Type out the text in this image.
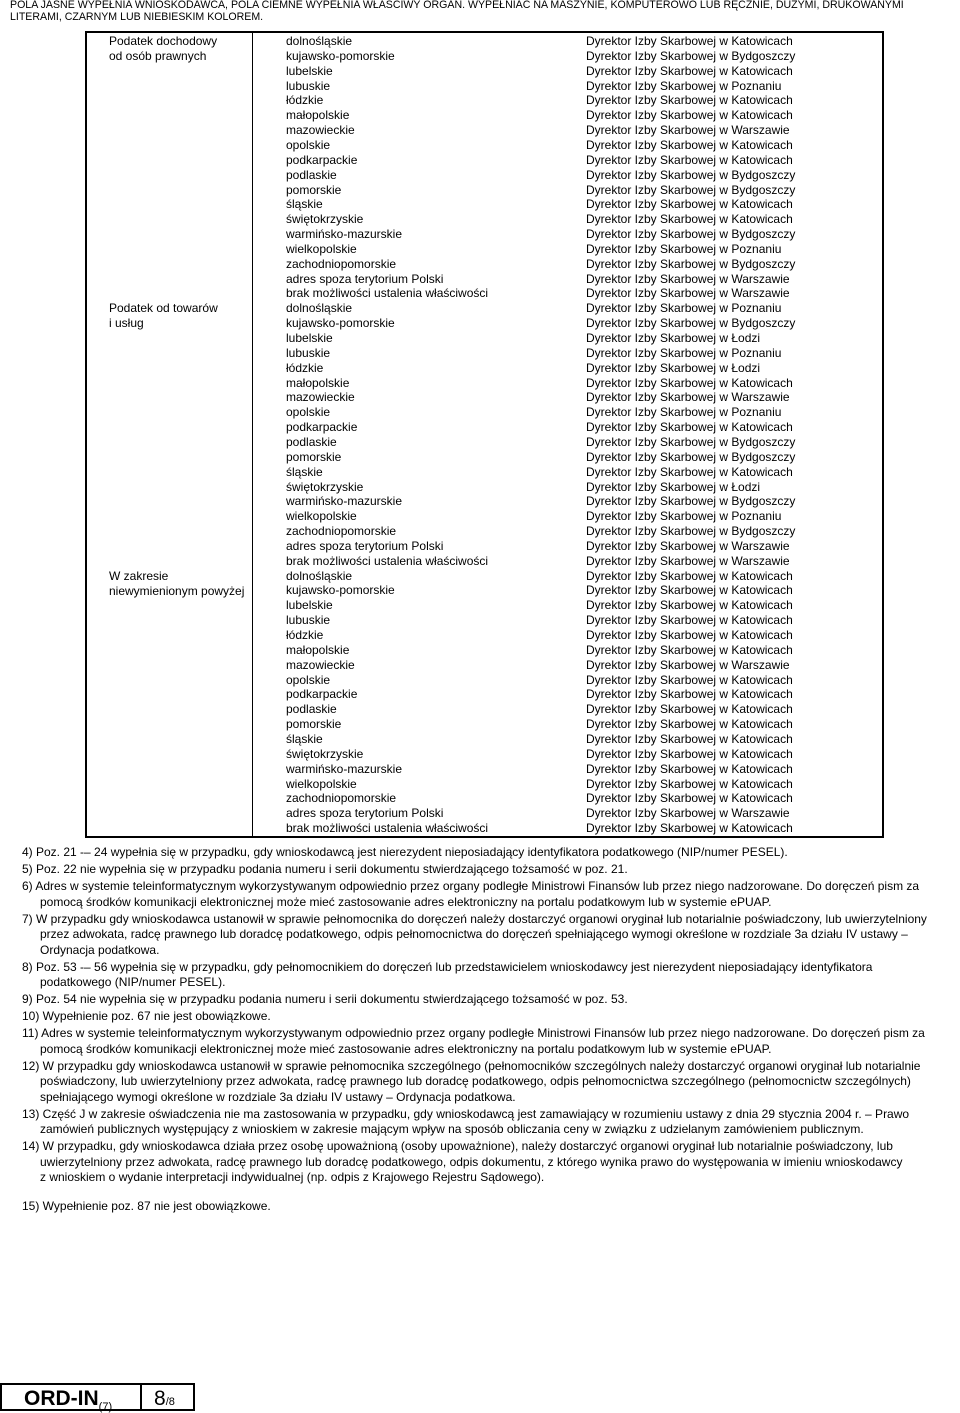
POLA JASNE WYPEŁNIA WNIOSKODAWCA, POLA CIEMNE WYPEŁNIA WŁAŚCIWY ORGAN. WYPEŁNIAĆ NA MASZYNIE, KOMPUTEROWO LUB RĘCZNIE, DUŻYMI, DRUKOWANYMI
LITERAMI, CZARNYM LUB NIEBIESKIM KOLOREM.
Podatek dochodowy
od osób prawnych
dolnośląskie	Dyrektor Izby Skarbowej w Katowicach
kujawsko-pomorskie	Dyrektor Izby Skarbowej w Bydgoszczy
lubelskie	Dyrektor Izby Skarbowej w Katowicach
lubuskie	Dyrektor Izby Skarbowej w Poznaniu
łódzkie	Dyrektor Izby Skarbowej w Katowicach
małopolskie	Dyrektor Izby Skarbowej w Katowicach
mazowieckie	Dyrektor Izby Skarbowej w Warszawie
opolskie	Dyrektor Izby Skarbowej w Katowicach
podkarpackie	Dyrektor Izby Skarbowej w Katowicach
podlaskie	Dyrektor Izby Skarbowej w Bydgoszczy
pomorskie	Dyrektor Izby Skarbowej w Bydgoszczy
śląskie	Dyrektor Izby Skarbowej w Katowicach
świętokrzyskie	Dyrektor Izby Skarbowej w Katowicach
warmińsko-mazurskie	Dyrektor Izby Skarbowej w Bydgoszczy
wielkopolskie	Dyrektor Izby Skarbowej w Poznaniu
zachodniopomorskie	Dyrektor Izby Skarbowej w Bydgoszczy
adres spoza terytorium Polski	Dyrektor Izby Skarbowej w Warszawie
brak możliwości ustalenia właściwości	Dyrektor Izby Skarbowej w Warszawie
Podatek od towarów
i usług
dolnośląskie	Dyrektor Izby Skarbowej w Poznaniu
kujawsko-pomorskie	Dyrektor Izby Skarbowej w Bydgoszczy
lubelskie	Dyrektor Izby Skarbowej w Łodzi
lubuskie	Dyrektor Izby Skarbowej w Poznaniu
łódzkie	Dyrektor Izby Skarbowej w Łodzi
małopolskie	Dyrektor Izby Skarbowej w Katowicach
mazowieckie	Dyrektor Izby Skarbowej w Warszawie
opolskie	Dyrektor Izby Skarbowej w Poznaniu
podkarpackie	Dyrektor Izby Skarbowej w Katowicach
podlaskie	Dyrektor Izby Skarbowej w Bydgoszczy
pomorskie	Dyrektor Izby Skarbowej w Bydgoszczy
śląskie	Dyrektor Izby Skarbowej w Katowicach
świętokrzyskie	Dyrektor Izby Skarbowej w Łodzi
warmińsko-mazurskie	Dyrektor Izby Skarbowej w Bydgoszczy
wielkopolskie	Dyrektor Izby Skarbowej w Poznaniu
zachodniopomorskie	Dyrektor Izby Skarbowej w Bydgoszczy
adres spoza terytorium Polski	Dyrektor Izby Skarbowej w Warszawie
brak możliwości ustalenia właściwości	Dyrektor Izby Skarbowej w Warszawie
W zakresie
niewymienionym powyżej
dolnośląskie	Dyrektor Izby Skarbowej w Katowicach
kujawsko-pomorskie	Dyrektor Izby Skarbowej w Katowicach
lubelskie	Dyrektor Izby Skarbowej w Katowicach
lubuskie	Dyrektor Izby Skarbowej w Katowicach
łódzkie	Dyrektor Izby Skarbowej w Katowicach
małopolskie	Dyrektor Izby Skarbowej w Katowicach
mazowieckie	Dyrektor Izby Skarbowej w Warszawie
opolskie	Dyrektor Izby Skarbowej w Katowicach
podkarpackie	Dyrektor Izby Skarbowej w Katowicach
podlaskie	Dyrektor Izby Skarbowej w Katowicach
pomorskie	Dyrektor Izby Skarbowej w Katowicach
śląskie	Dyrektor Izby Skarbowej w Katowicach
świętokrzyskie	Dyrektor Izby Skarbowej w Katowicach
warmińsko-mazurskie	Dyrektor Izby Skarbowej w Katowicach
wielkopolskie	Dyrektor Izby Skarbowej w Katowicach
zachodniopomorskie	Dyrektor Izby Skarbowej w Katowicach
adres spoza terytorium Polski	Dyrektor Izby Skarbowej w Warszawie
brak możliwości ustalenia właściwości	Dyrektor Izby Skarbowej w Katowicach

4) Poz. 21 -– 24 wypełnia się w przypadku, gdy wnioskodawcą jest nierezydent nieposiadający identyfikatora podatkowego (NIP/numer PESEL).

5) Poz. 22 nie wypełnia się w przypadku podania numeru i serii dokumentu stwierdzającego tożsamość w poz. 21.

6) Adres w systemie teleinformatycznym wykorzystywanym odpowiednio przez organy podległe Ministrowi Finansów lub przez niego nadzorowane. Do doręczeń pism za

pomocą środków komunikacji elektronicznej może mieć zastosowanie adres elektroniczny na portalu podatkowym lub w systemie ePUAP.

7) W przypadku gdy wnioskodawca ustanowił w sprawie pełnomocnika do doręczeń należy dostarczyć organowi oryginał lub notarialnie poświadczony, lub uwierzytelniony

przez adwokata, radcę prawnego lub doradcę podatkowego, odpis pełnomocnictwa do doręczeń spełniającego wymogi określone w rozdziale 3a działu IV ustawy –

Ordynacja podatkowa.

8) Poz. 53 -– 56 wypełnia się w przypadku, gdy pełnomocnikiem do doręczeń lub przedstawicielem wnioskodawcy jest nierezydent nieposiadający identyfikatora

podatkowego (NIP/numer PESEL).

9) Poz. 54 nie wypełnia się w przypadku podania numeru i serii dokumentu stwierdzającego tożsamość w poz. 53.

10) Wypełnienie poz. 67 nie jest obowiązkowe.

11) Adres w systemie teleinformatycznym wykorzystywanym odpowiednio przez organy podległe Ministrowi Finansów lub przez niego nadzorowane. Do doręczeń pism za

pomocą środków komunikacji elektronicznej może mieć zastosowanie adres elektroniczny na portalu podatkowym lub w systemie ePUAP.

12) W przypadku gdy wnioskodawca ustanowił w sprawie pełnomocnika szczególnego (pełnomocników szczególnych należy dostarczyć organowi oryginał lub notarialnie

poświadczony, lub uwierzytelniony przez adwokata, radcę prawnego lub doradcę podatkowego, odpis pełnomocnictwa szczególnego (pełnomocnictw szczególnych)

spełniającego wymogi określone w rozdziale 3a działu IV ustawy – Ordynacja podatkowa.

13) Część J w zakresie oświadczenia nie ma zastosowania w przypadku, gdy wnioskodawcą jest zamawiający w rozumieniu ustawy z dnia 29 stycznia 2004 r. – Prawo

zamówień publicznych występujący z wnioskiem w zakresie mającym wpływ na sposób obliczania ceny w związku z udzielanym zamówieniem publicznym.

14) W przypadku, gdy wnioskodawca działa przez osobę upoważnioną (osoby upoważnione), należy dostarczyć organowi oryginał lub notarialnie poświadczony, lub

uwierzytelniony przez adwokata, radcę prawnego lub doradcę podatkowego, odpis dokumentu, z którego wynika prawo do występowania w imieniu wnioskodawcy

z wnioskiem o wydanie interpretacji indywidualnej (np. odpis z Krajowego Rejestru Sądowego).

15) Wypełnienie poz. 87 nie jest obowiązkowe.

ORD-$IN_{(7)}$ 8/8
